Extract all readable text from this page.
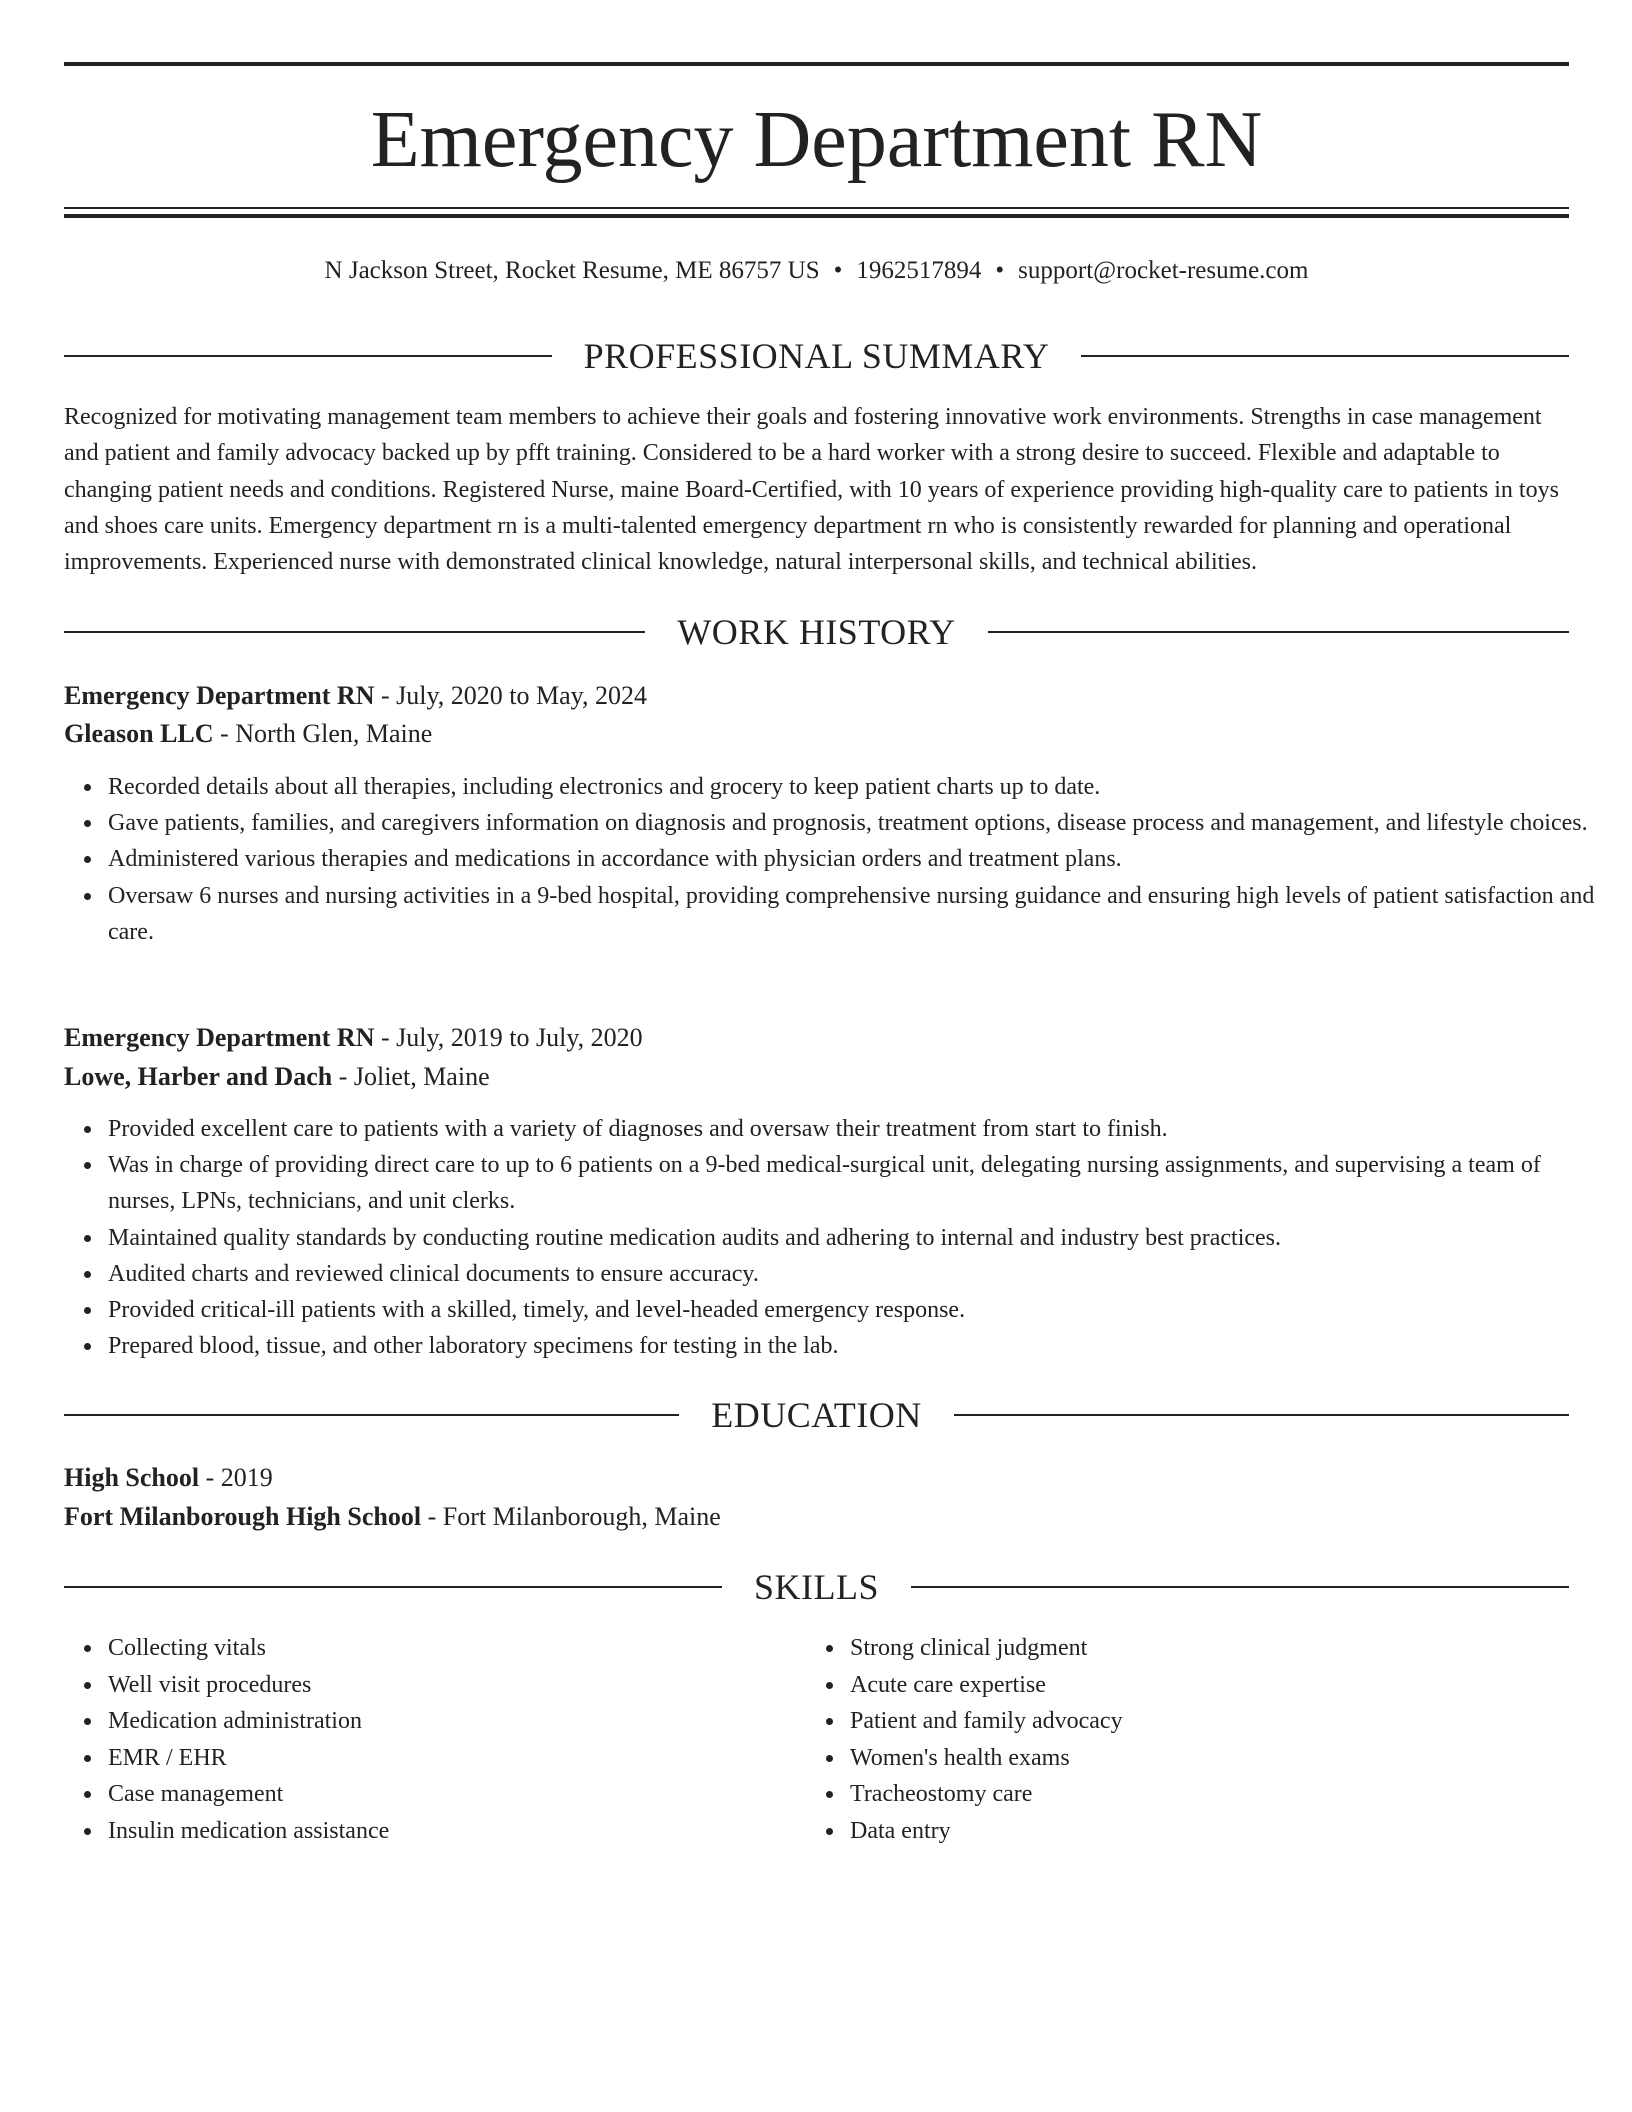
Emergency Department RN
N Jackson Street, Rocket Resume, ME 86757 US • 1962517894 • support@rocket-resume.com
PROFESSIONAL SUMMARY
Recognized for motivating management team members to achieve their goals and fostering innovative work environments. Strengths in case management and patient and family advocacy backed up by pfft training. Considered to be a hard worker with a strong desire to succeed. Flexible and adaptable to changing patient needs and conditions. Registered Nurse, maine Board-Certified, with 10 years of experience providing high-quality care to patients in toys and shoes care units. Emergency department rn is a multi-talented emergency department rn who is consistently rewarded for planning and operational improvements. Experienced nurse with demonstrated clinical knowledge, natural interpersonal skills, and technical abilities.
WORK HISTORY
Emergency Department RN - July, 2020 to May, 2024
Gleason LLC - North Glen, Maine
Recorded details about all therapies, including electronics and grocery to keep patient charts up to date.
Gave patients, families, and caregivers information on diagnosis and prognosis, treatment options, disease process and management, and lifestyle choices.
Administered various therapies and medications in accordance with physician orders and treatment plans.
Oversaw 6 nurses and nursing activities in a 9-bed hospital, providing comprehensive nursing guidance and ensuring high levels of patient satisfaction and care.
Emergency Department RN - July, 2019 to July, 2020
Lowe, Harber and Dach - Joliet, Maine
Provided excellent care to patients with a variety of diagnoses and oversaw their treatment from start to finish.
Was in charge of providing direct care to up to 6 patients on a 9-bed medical-surgical unit, delegating nursing assignments, and supervising a team of nurses, LPNs, technicians, and unit clerks.
Maintained quality standards by conducting routine medication audits and adhering to internal and industry best practices.
Audited charts and reviewed clinical documents to ensure accuracy.
Provided critical-ill patients with a skilled, timely, and level-headed emergency response.
Prepared blood, tissue, and other laboratory specimens for testing in the lab.
EDUCATION
High School - 2019
Fort Milanborough High School - Fort Milanborough, Maine
SKILLS
Collecting vitals
Well visit procedures
Medication administration
EMR / EHR
Case management
Insulin medication assistance
Strong clinical judgment
Acute care expertise
Patient and family advocacy
Women's health exams
Tracheostomy care
Data entry
